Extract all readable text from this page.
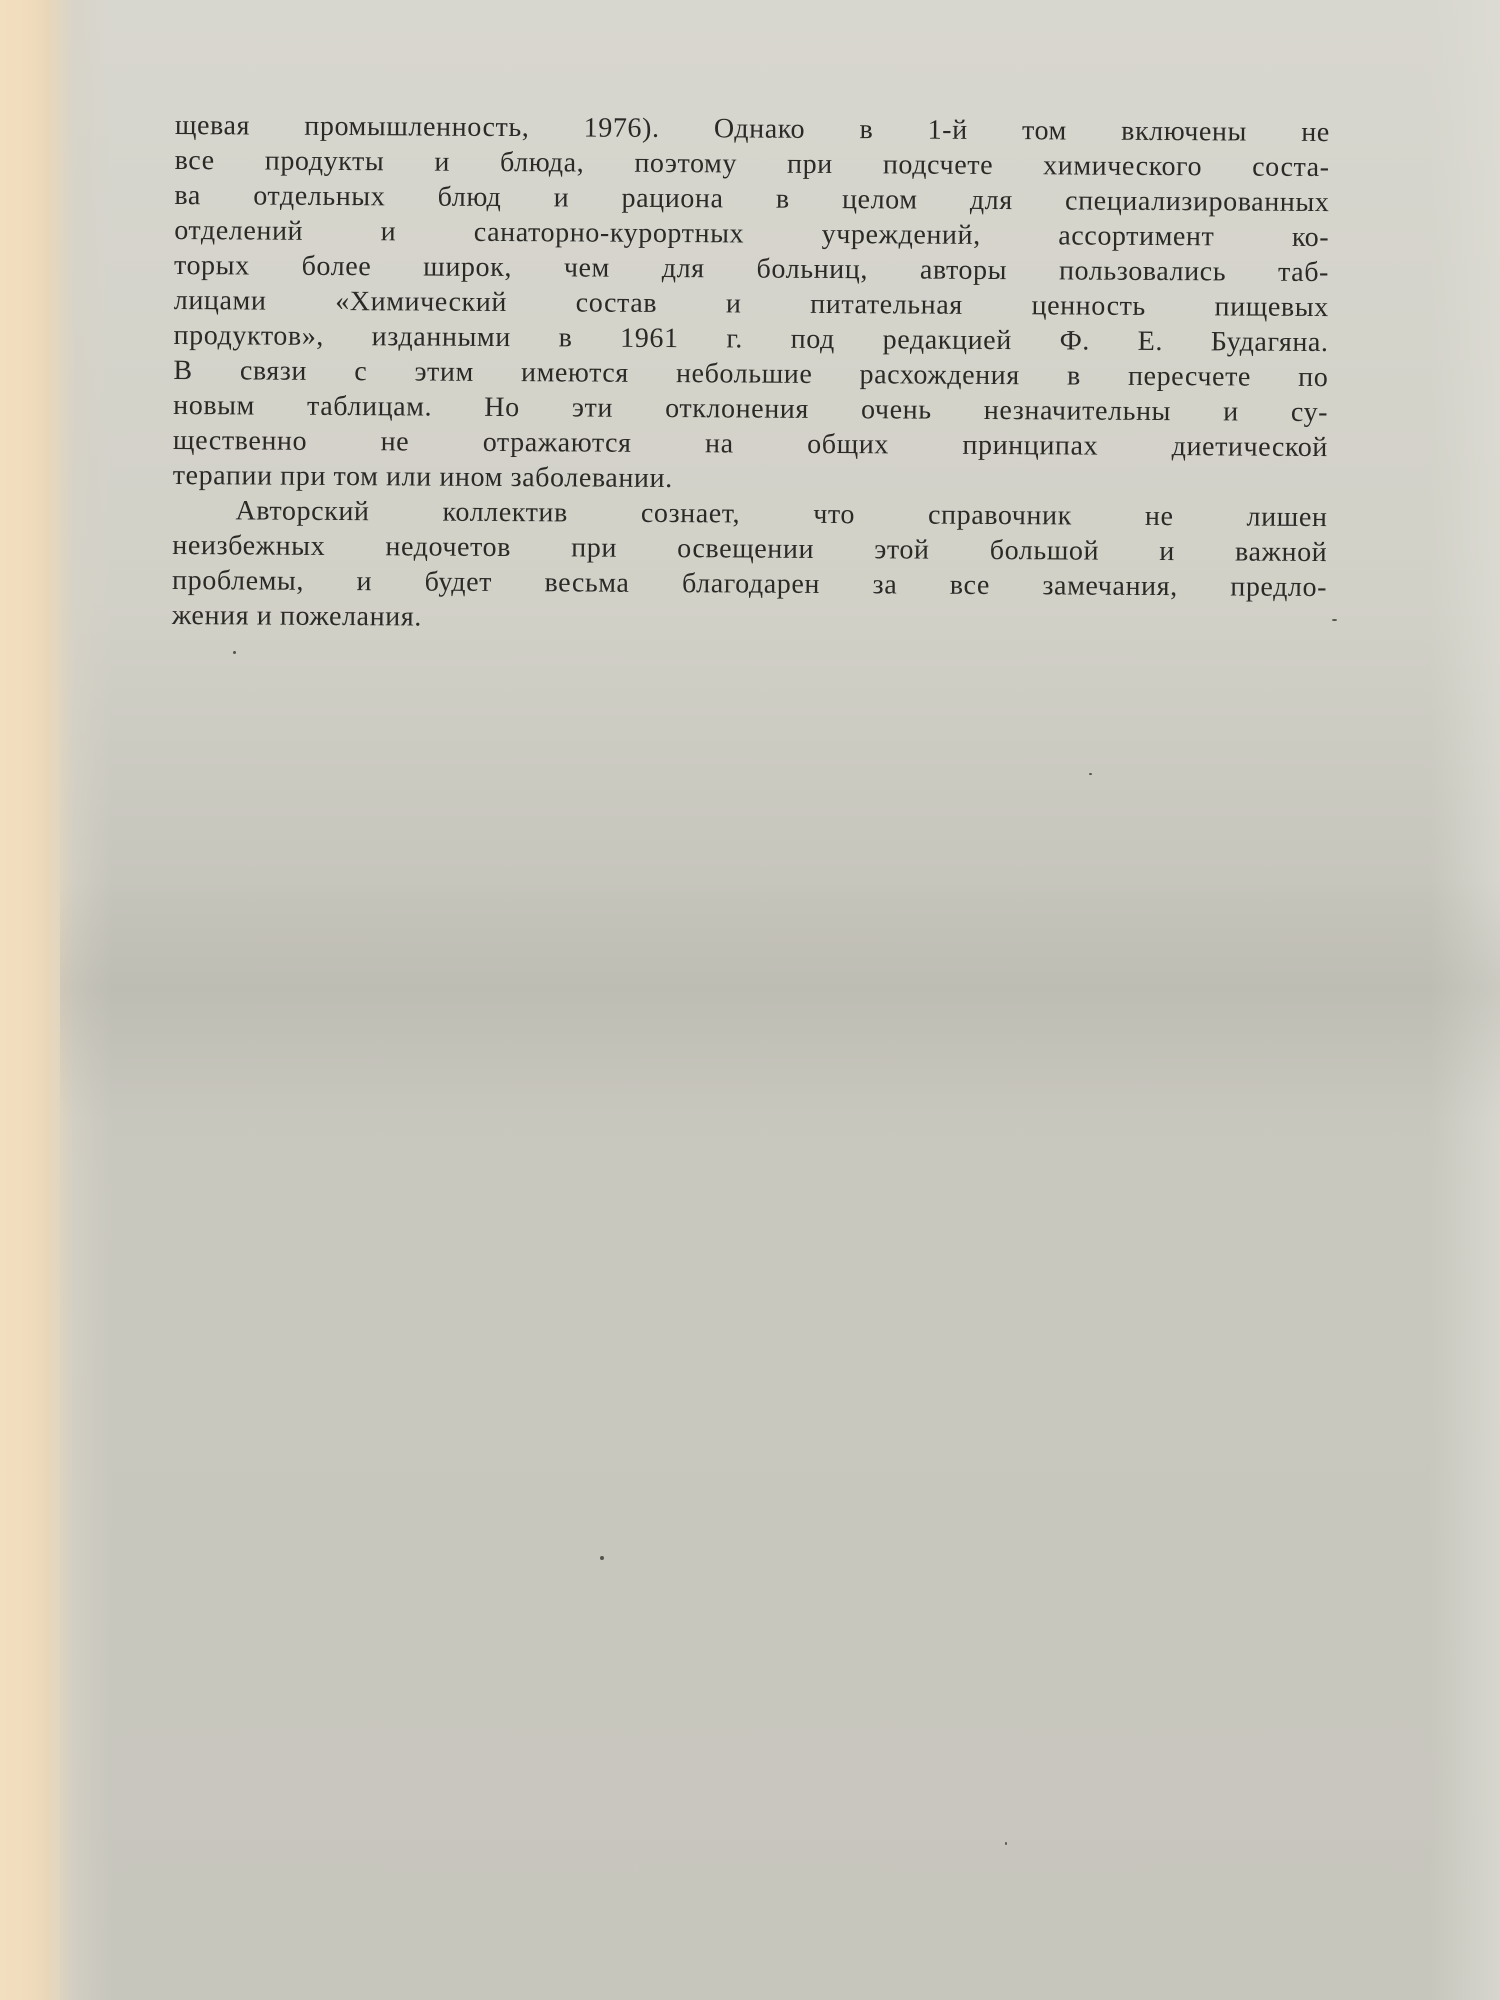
щевая промышленность, 1976). Однако в 1-й том включены не
все продукты и блюда, поэтому при подсчете химического соста-
ва отдельных блюд и рациона в целом для специализированных
отделений и санаторно-курортных учреждений, ассортимент ко-
торых более широк, чем для больниц, авторы пользовались таб-
лицами «Химический состав и питательная ценность пищевых
продуктов», изданными в 1961 г. под редакцией Ф. Е. Будагяна.
В связи с этим имеются небольшие расхождения в пересчете по
новым таблицам. Но эти отклонения очень незначительны и су-
щественно не отражаются на общих принципах диетической
терапии при том или ином заболевании.
Авторский коллектив сознает, что справочник не лишен
неизбежных недочетов при освещении этой большой и важной
проблемы, и будет весьма благодарен за все замечания, предло-
жения и пожелания.
